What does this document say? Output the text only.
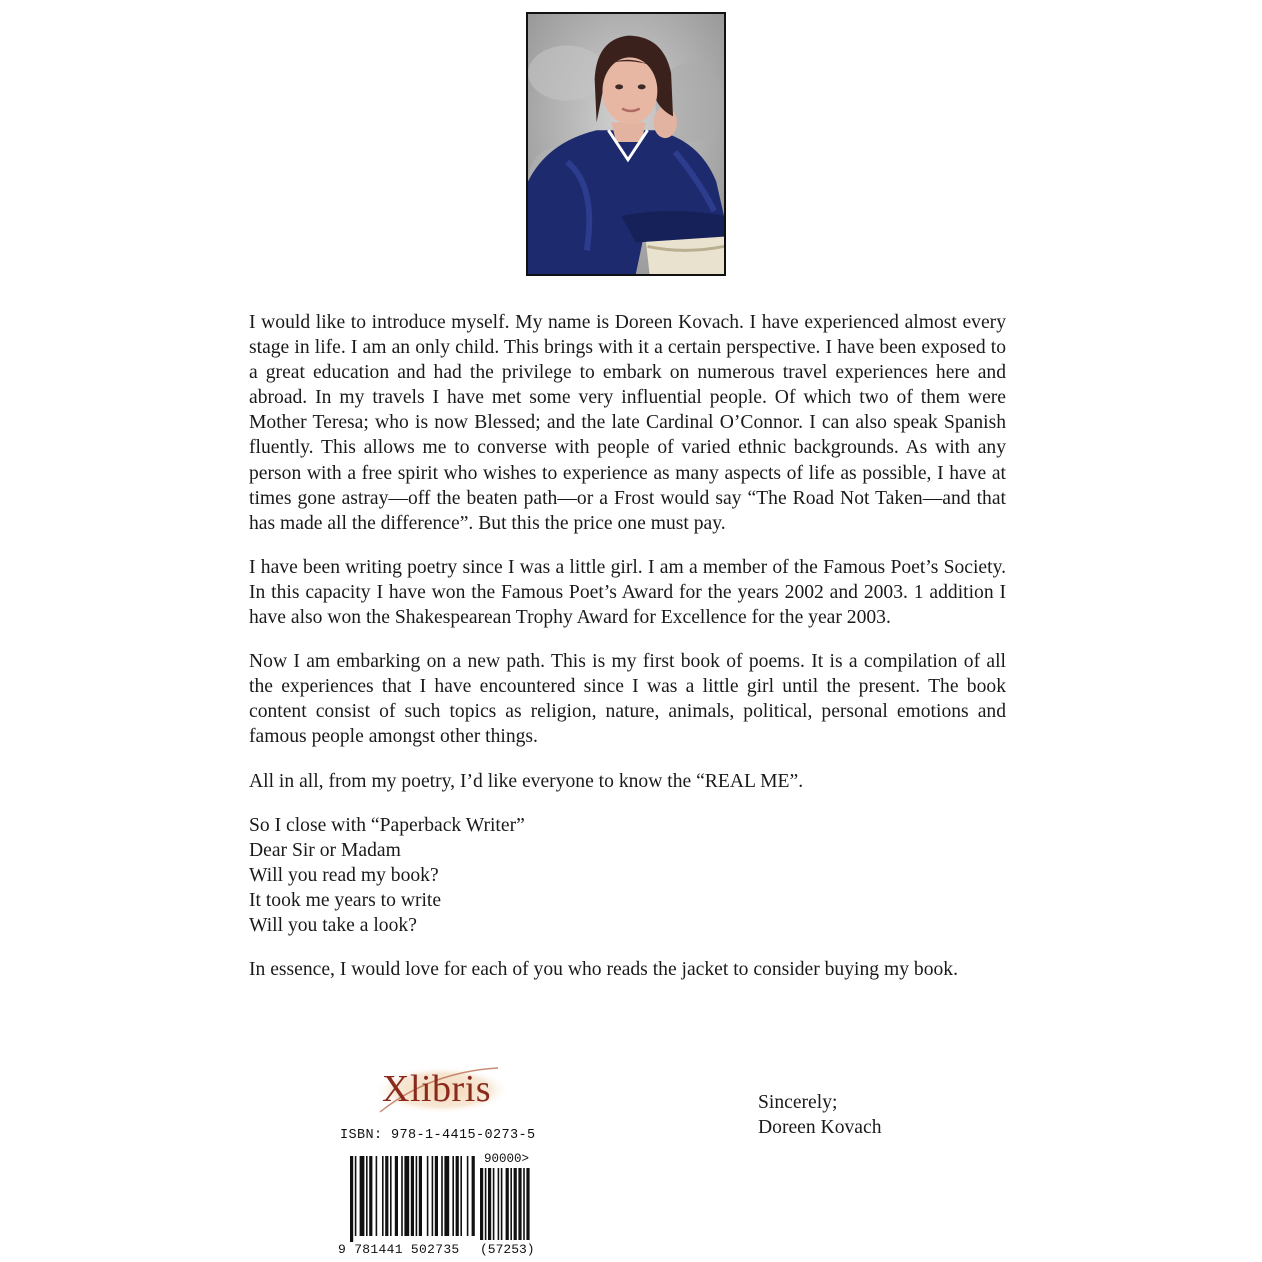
I would like to introduce myself. My name is Doreen Kovach. I have experienced almost every stage in life. I am an only child. This brings with it a certain perspective. I have been exposed to a great education and had the privilege to embark on numerous travel experiences here and abroad. In my travels I have met some very influential people. Of which two of them were Mother Teresa; who is now Blessed; and the late Cardinal O’Connor. I can also speak Spanish fluently. This allows me to converse with people of varied ethnic backgrounds. As with any person with a free spirit who wishes to experience as many aspects of life as possible, I have at times gone astray—off the beaten path—or a Frost would say “The Road Not Taken—and that has made all the difference”. But this the price one must pay.

I have been writing poetry since I was a little girl. I am a member of the Famous Poet’s Society. In this capacity I have won the Famous Poet’s Award for the years 2002 and 2003. 1 addition I have also won the Shakespearean Trophy Award for Excellence for the year 2003.

Now I am embarking on a new path. This is my first book of poems. It is a compilation of all the experiences that I have encountered since I was a little girl until the present. The book content consist of such topics as religion, nature, animals, political, personal emotions and famous people amongst other things.

All in all, from my poetry, I’d like everyone to know the “REAL ME”.

So I close with “Paperback Writer”
Dear Sir or Madam
Will you read my book?
It took me years to write
Will you take a look?

In essence, I would love for each of you who reads the jacket to consider buying my book.

Xlibris
ISBN: 978-1-4415-0273-5
90000>
9 781441 502735 (57253)
Sincerely;
Doreen Kovach
